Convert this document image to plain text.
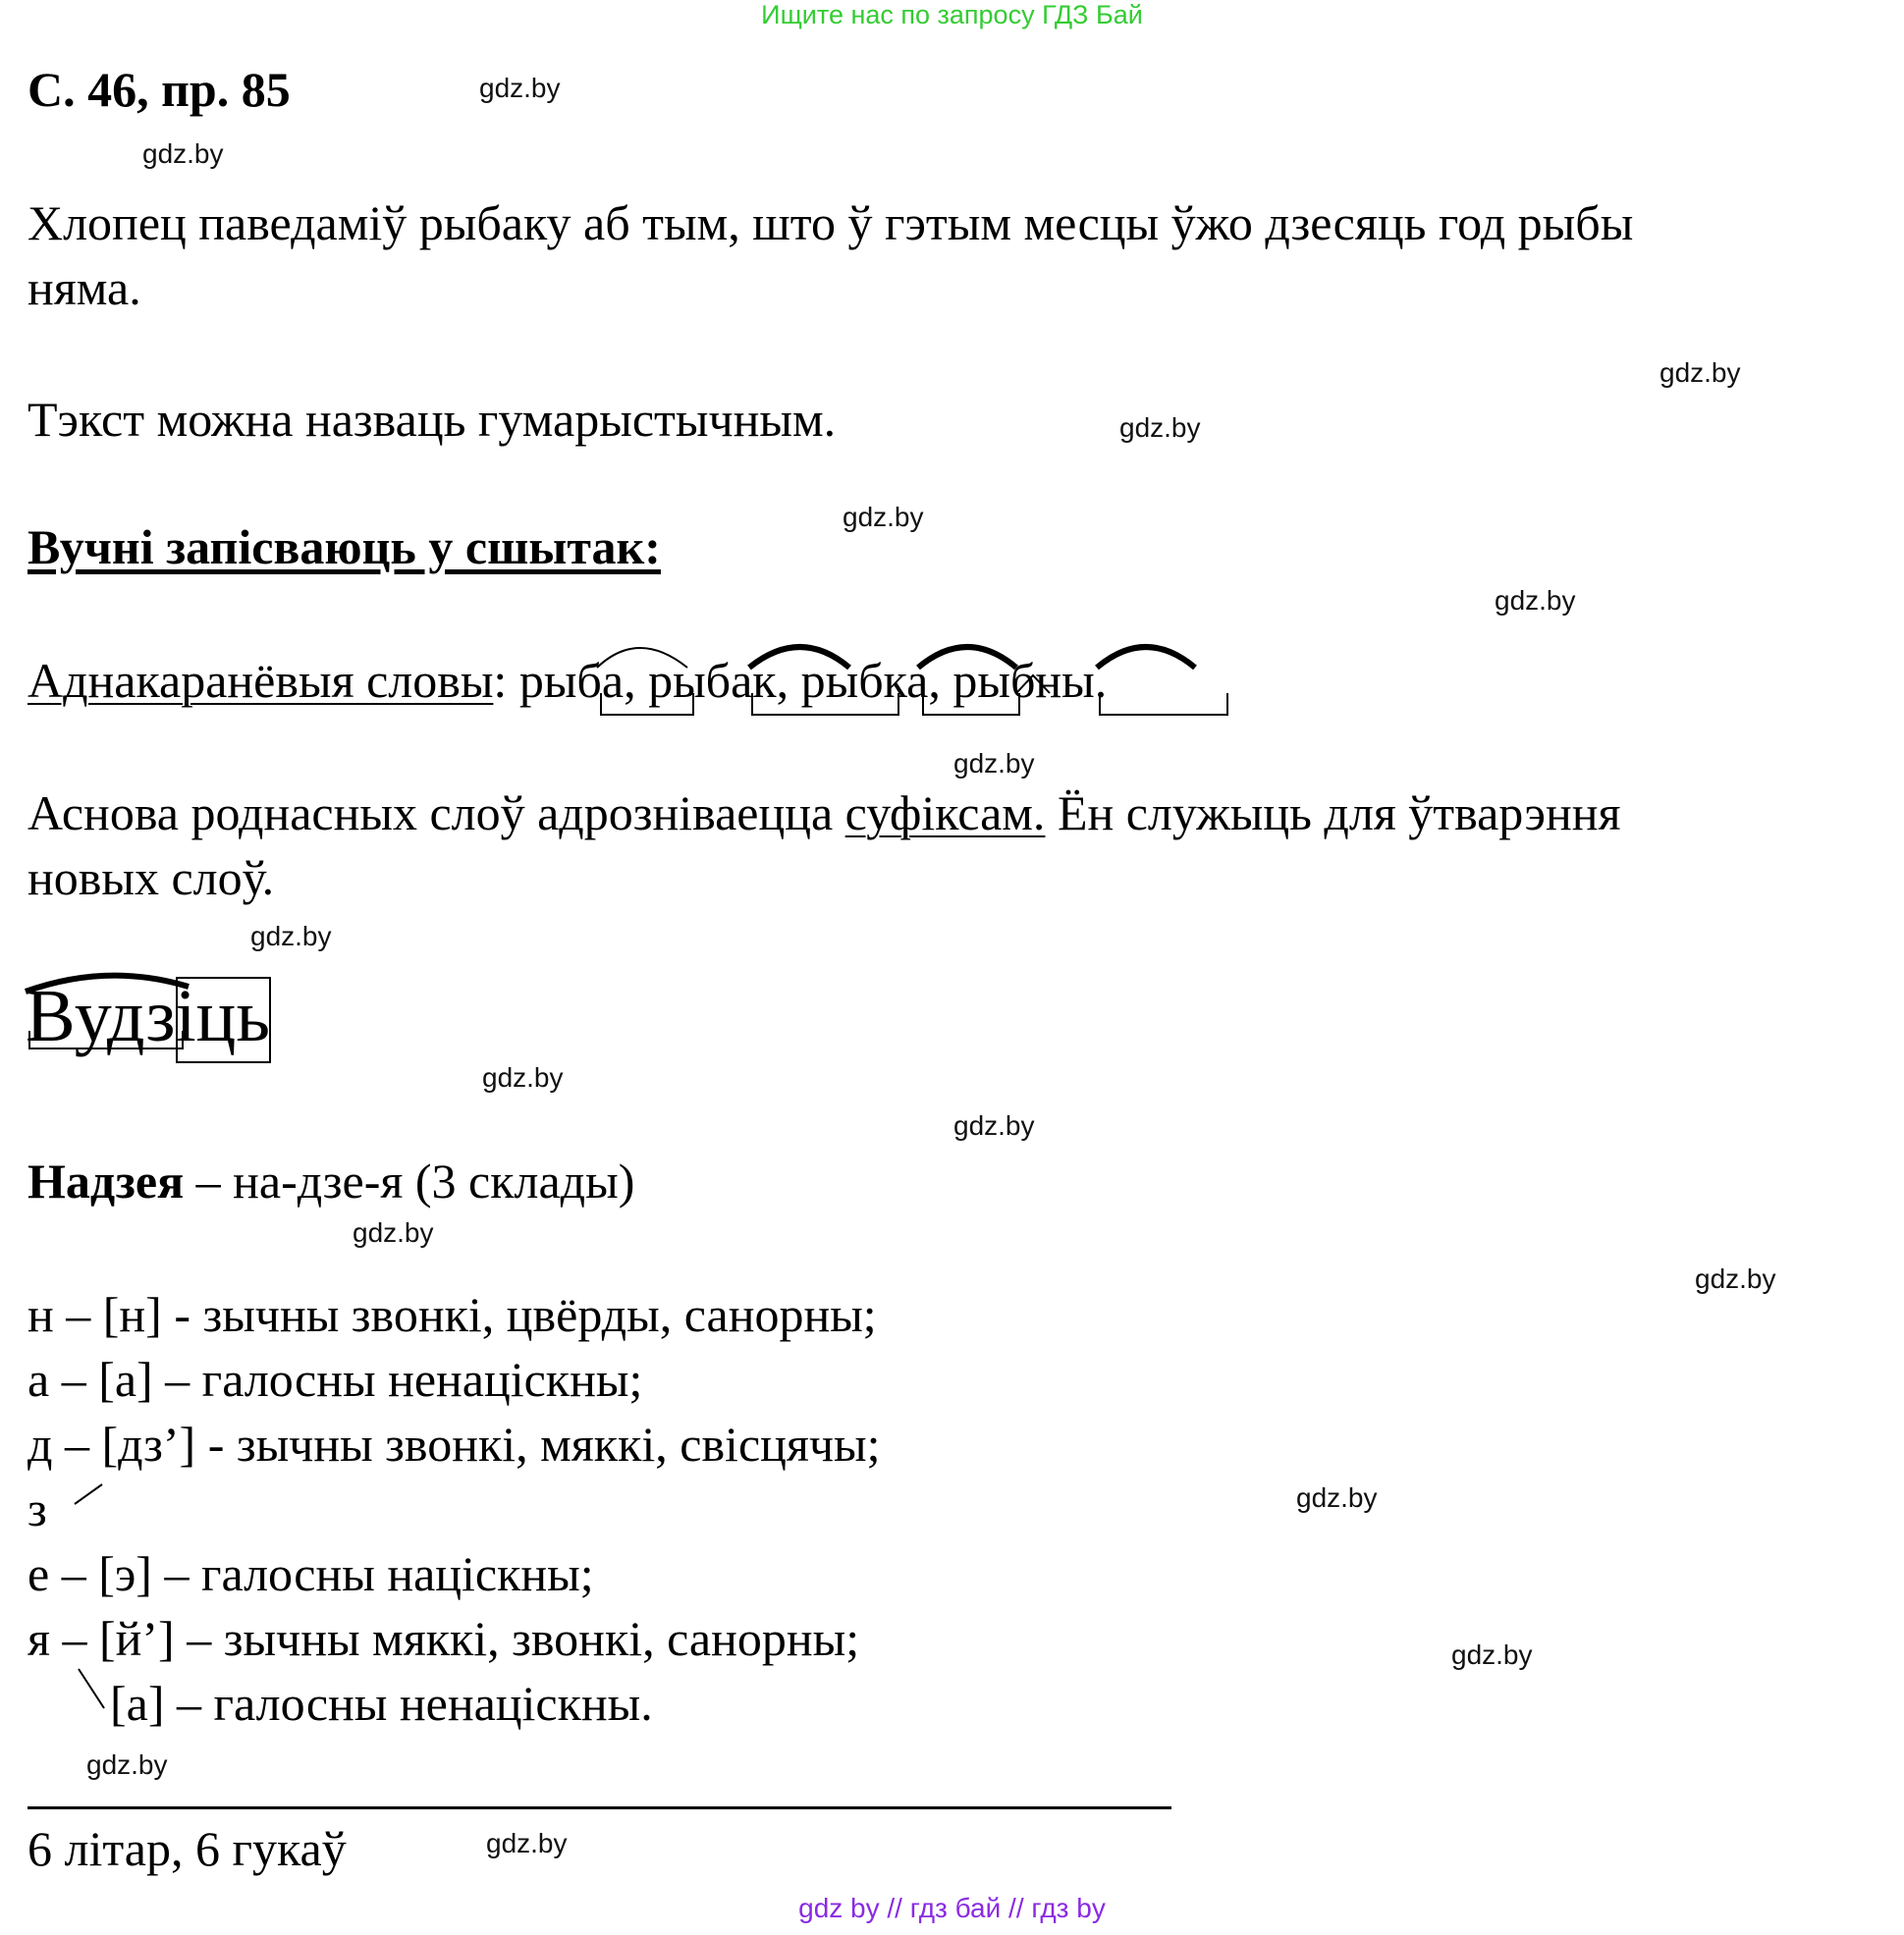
Ищите нас по запросу ГДЗ Бай
С. 46, пр. 85	gdz.by
gdz.by
gdz.by
gdz.by
gdz.by
gdz.by
gdz.by
gdz.by
gdz.by
gdz.by
gdz.by
gdz.by
gdz.by
gdz.by
gdz.by
gdz.by
Хлопец паведаміў рыбаку аб тым, што ў гэтым месцы ўжо дзесяць год рыбы
няма.
Тэкст можна назваць гумарыстычным.
Вучні запісваюць у сшытак:
Аднакаранёвыя словы: рыба, рыбак, рыбка, рыбны.
Аснова роднасных слоў адрознiваецца суфіксам. Ён служыць для ўтварэння
новых слоў.
Вудзіць
Надзея – на-дзе-я (3 склады)
н – [н] - зычны звонкі, цвёрды, санорны;
а – [а] – галосны ненацiскны;
д – [дз’] - зычны звонкі, мяккі, свiсцячы;
з
е – [э] – галосны нацiскны;
я – [й’] – зычны мяккі, звонкі, санорны;
[а] – галосны ненацiскны.
6 літар, 6 гукаў
gdz by // гдз бай // гдз by
